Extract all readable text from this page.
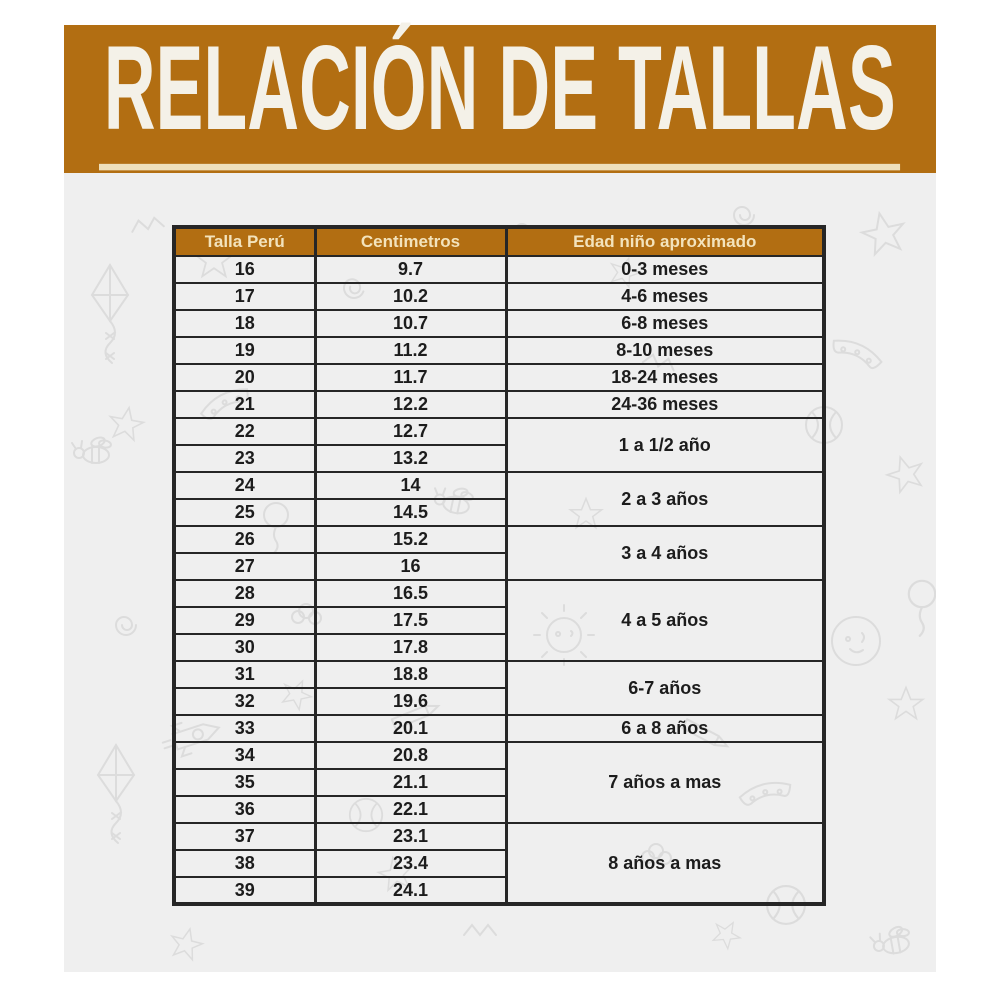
RELACIÓN DE TALLAS
Talla Perú	Centimetros	Edad niño aproximado
16	9.7	0-3 meses
17	10.2	4-6 meses
18	10.7	6-8 meses
19	11.2	8-10 meses
20	11.7	18-24 meses
21	12.2	24-36 meses
22	12.7	1 a 1/2 año
23	13.2	
24	14	2 a 3 años
25	14.5	
26	15.2	3 a 4 años
27	16	
28	16.5	4 a 5 años
29	17.5	
30	17.8	
31	18.8	6-7 años
32	19.6	
33	20.1	6 a 8 años
34	20.8	7 años a mas
35	21.1	
36	22.1	
37	23.1	8 años a mas
38	23.4	
39	24.1	
